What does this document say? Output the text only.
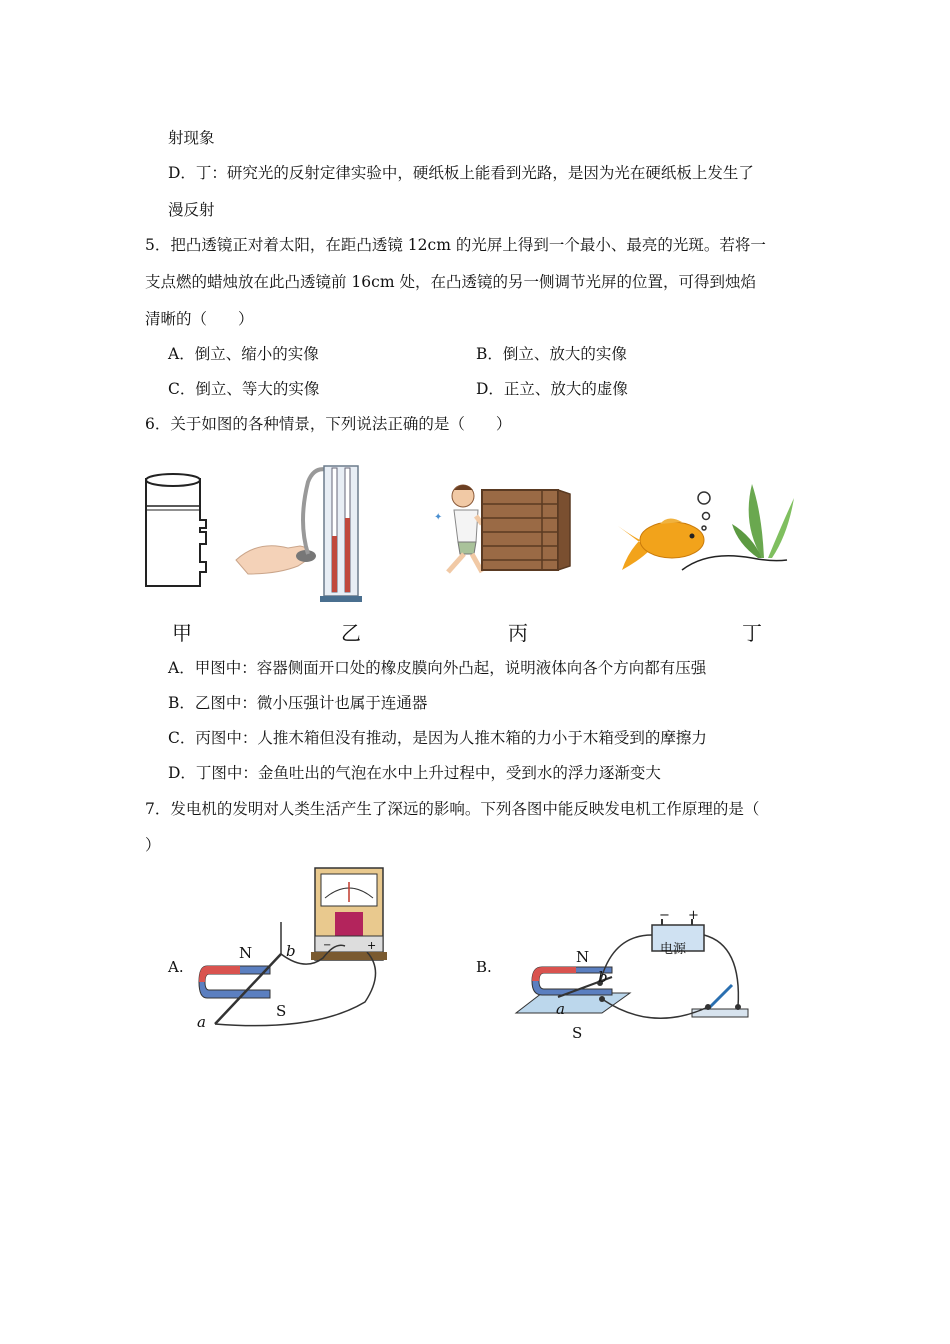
射现象
D．丁：研究光的反射定律实验中，硬纸板上能看到光路，是因为光在硬纸板上发生了
漫反射
5．把凸透镜正对着太阳，在距凸透镜 12cm 的光屏上得到一个最小、最亮的光斑。若将一
支点燃的蜡烛放在此凸透镜前 16cm 处，在凸透镜的另一侧调节光屏的位置，可得到烛焰
清晰的（　　）
A．倒立、缩小的实像	B．倒立、放大的实像
C．倒立、等大的实像	D．正立、放大的虚像
6．关于如图的各种情景，下列说法正确的是（　　）
✦
甲	乙	丙	丁
A．甲图中：容器侧面开口处的橡皮膜向外凸起，说明液体向各个方向都有压强
B．乙图中：微小压强计也属于连通器
C．丙图中：人推木箱但没有推动，是因为人推木箱的力小于木箱受到的摩擦力
D．丁图中：金鱼吐出的气泡在水中上升过程中，受到水的浮力逐渐变大
7．发电机的发明对人类生活产生了深远的影响。下列各图中能反映发电机工作原理的是（
）
A.
−	+
N
S
a
b
B.
N
S
a
b
电源
− +
